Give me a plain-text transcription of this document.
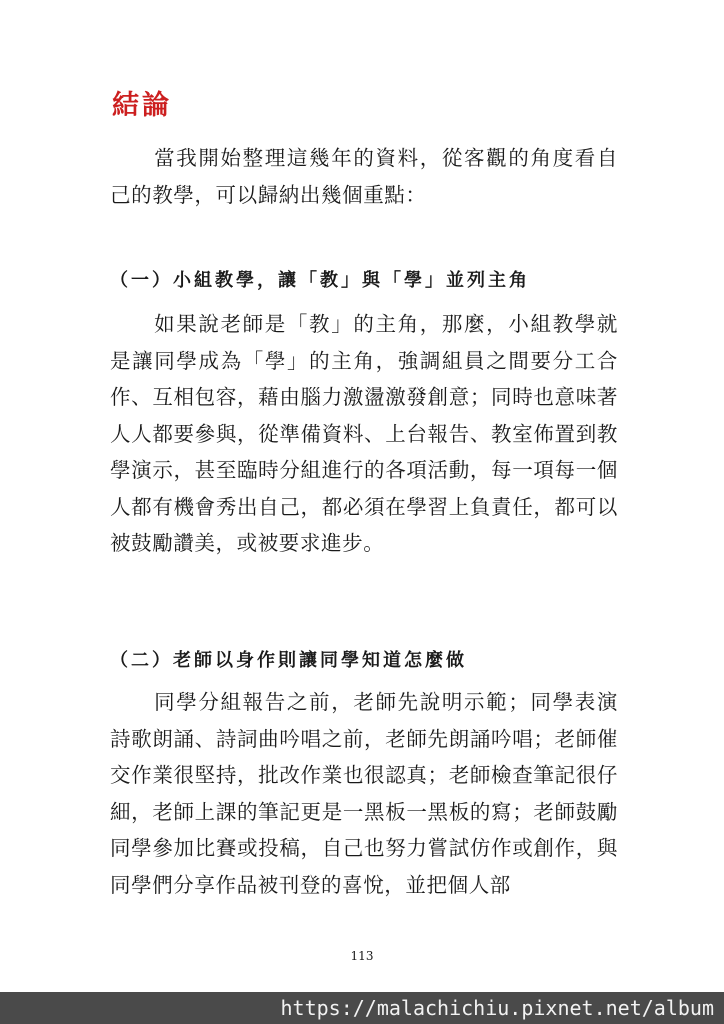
結論

當我開始整理這幾年的資料，從客觀的角度看自己的教學，可以歸納出幾個重點：

（一）小組教學，讓「教」與「學」並列主角

如果說老師是「教」的主角，那麼，小組教學就是讓同學成為「學」的主角，強調組員之間要分工合作、互相包容，藉由腦力激盪激發創意；同時也意味著人人都要參與，從準備資料、上台報告、教室佈置到教學演示，甚至臨時分組進行的各項活動，每一項每一個人都有機會秀出自己，都必須在學習上負責任，都可以被鼓勵讚美，或被要求進步。

（二）老師以身作則讓同學知道怎麼做

同學分組報告之前，老師先說明示範；同學表演詩歌朗誦、詩詞曲吟唱之前，老師先朗誦吟唱；老師催交作業很堅持，批改作業也很認真；老師檢查筆記很仔細，老師上課的筆記更是一黑板一黑板的寫；老師鼓勵同學參加比賽或投稿，自己也努力嘗試仿作或創作，與同學們分享作品被刊登的喜悅，並把個人部

113
https://malachichiu.pixnet.net/album
